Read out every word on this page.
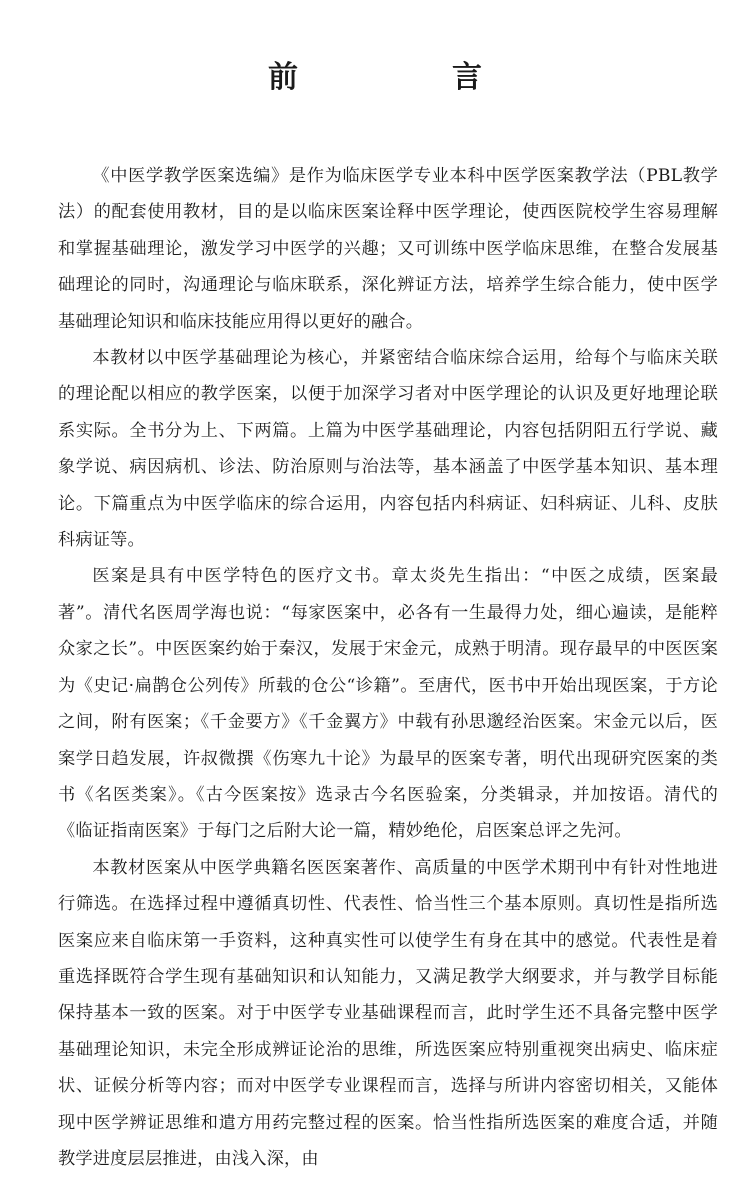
前　言

《中医学教学医案选编》是作为临床医学专业本科中医学医案教学法（PBL教学法）的配套使用教材，目的是以临床医案诠释中医学理论，使西医院校学生容易理解和掌握基础理论，激发学习中医学的兴趣；又可训练中医学临床思维，在整合发展基础理论的同时，沟通理论与临床联系，深化辨证方法，培养学生综合能力，使中医学基础理论知识和临床技能应用得以更好的融合。

本教材以中医学基础理论为核心，并紧密结合临床综合运用，给每个与临床关联的理论配以相应的教学医案，以便于加深学习者对中医学理论的认识及更好地理论联系实际。全书分为上、下两篇。上篇为中医学基础理论，内容包括阴阳五行学说、藏象学说、病因病机、诊法、防治原则与治法等，基本涵盖了中医学基本知识、基本理论。下篇重点为中医学临床的综合运用，内容包括内科病证、妇科病证、儿科、皮肤科病证等。

医案是具有中医学特色的医疗文书。章太炎先生指出：“中医之成绩，医案最著”。清代名医周学海也说：“每家医案中，必各有一生最得力处，细心遍读，是能粹众家之长”。中医医案约始于秦汉，发展于宋金元，成熟于明清。现存最早的中医医案为《史记·扁鹊仓公列传》所载的仓公“诊籍”。至唐代，医书中开始出现医案，于方论之间，附有医案；《千金要方》《千金翼方》中载有孙思邈经治医案。宋金元以后，医案学日趋发展，许叔微撰《伤寒九十论》为最早的医案专著，明代出现研究医案的类书《名医类案》。《古今医案按》选录古今名医验案，分类辑录，并加按语。清代的《临证指南医案》于每门之后附大论一篇，精妙绝伦，启医案总评之先河。

本教材医案从中医学典籍名医医案著作、高质量的中医学术期刊中有针对性地进行筛选。在选择过程中遵循真切性、代表性、恰当性三个基本原则。真切性是指所选医案应来自临床第一手资料，这种真实性可以使学生有身在其中的感觉。代表性是着重选择既符合学生现有基础知识和认知能力，又满足教学大纲要求，并与教学目标能保持基本一致的医案。对于中医学专业基础课程而言，此时学生还不具备完整中医学基础理论知识，未完全形成辨证论治的思维，所选医案应特别重视突出病史、临床症状、证候分析等内容；而对中医学专业课程而言，选择与所讲内容密切相关，又能体现中医学辨证思维和遣方用药完整过程的医案。恰当性指所选医案的难度合适，并随教学进度层层推进，由浅入深，由
